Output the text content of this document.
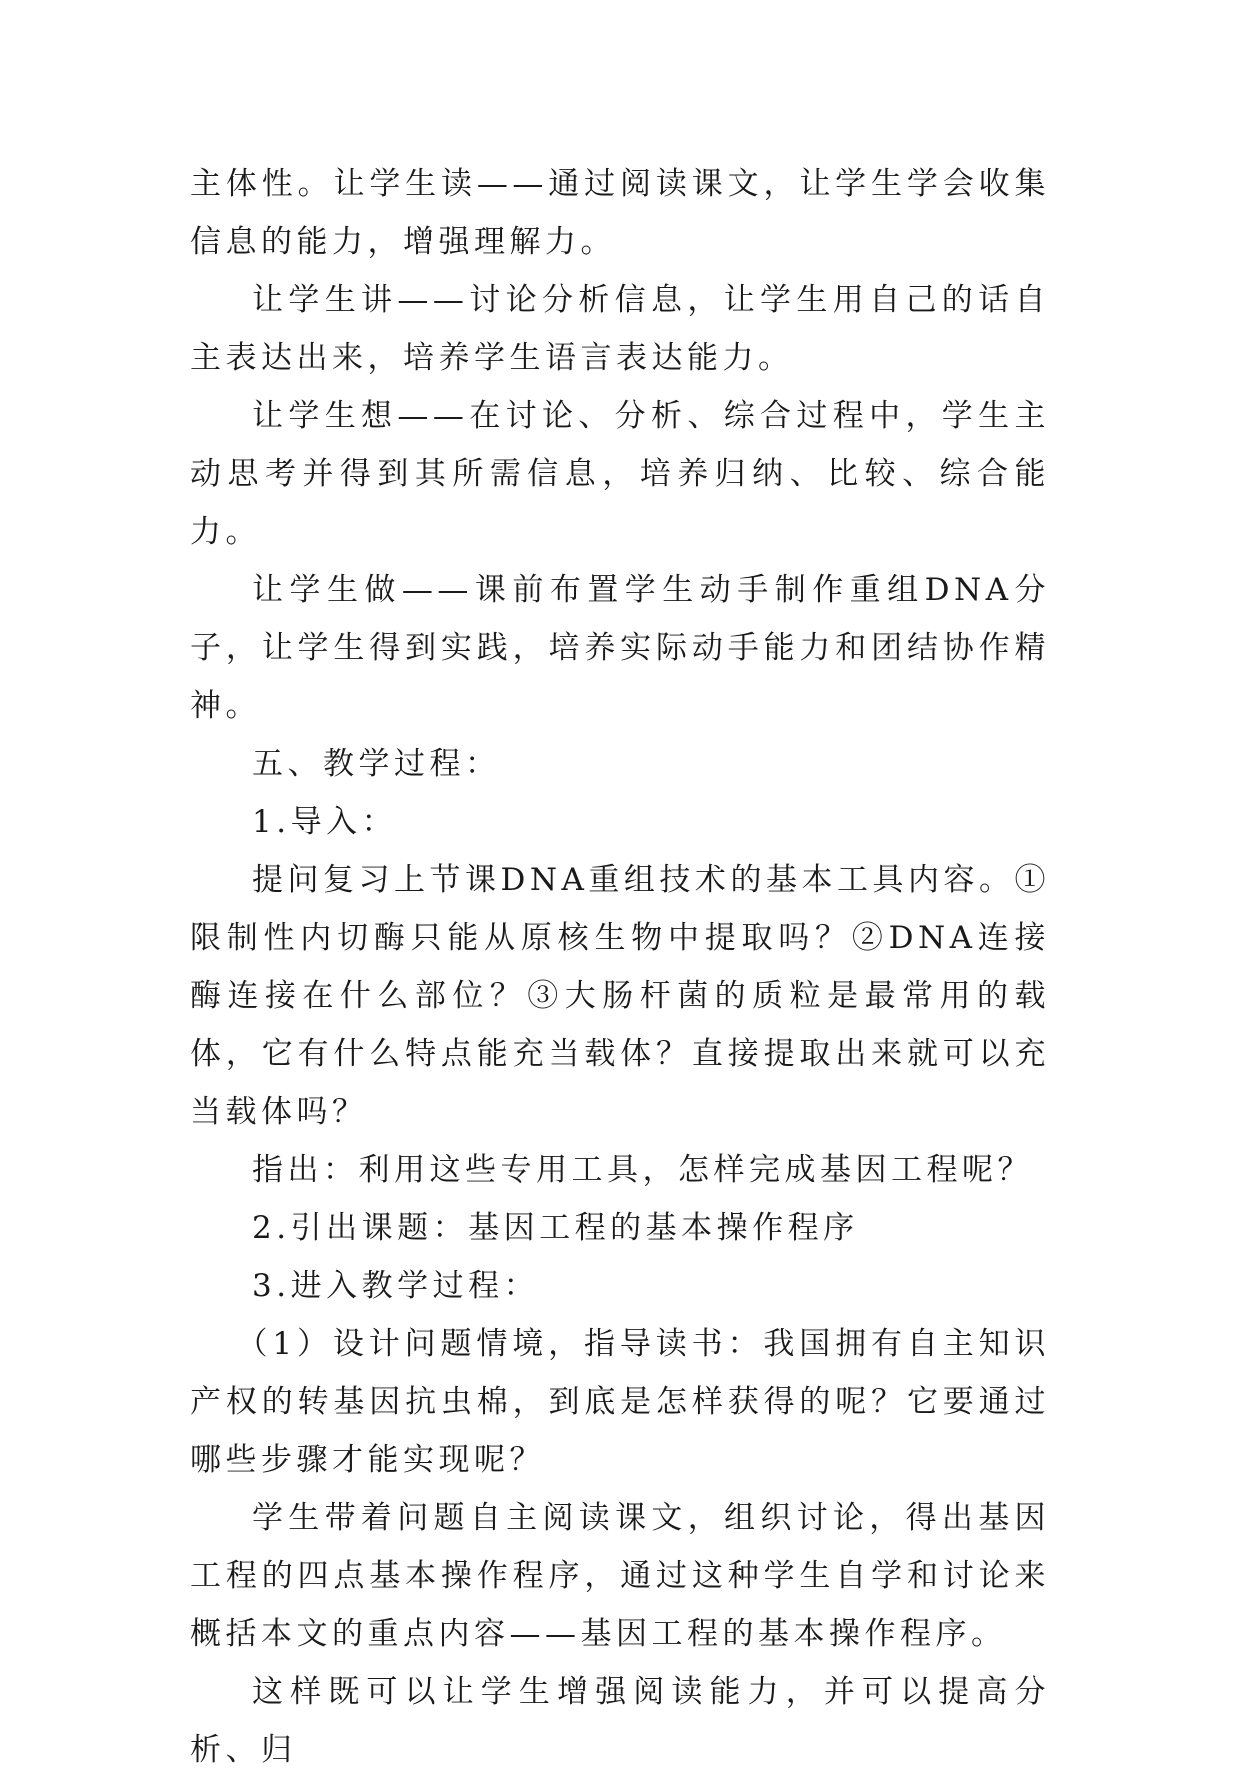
主体性。让学生读——通过阅读课文，让学生学会收集信息的能力，增强理解力。

让学生讲——讨论分析信息，让学生用自己的话自主表达出来，培养学生语言表达能力。

让学生想——在讨论、分析、综合过程中，学生主动思考并得到其所需信息，培养归纳、比较、综合能力。

让学生做——课前布置学生动手制作重组DNA分子，让学生得到实践，培养实际动手能力和团结协作精神。

五、教学过程：

1.导入：

提问复习上节课DNA重组技术的基本工具内容。①限制性内切酶只能从原核生物中提取吗？②DNA连接酶连接在什么部位？③大肠杆菌的质粒是最常用的载体，它有什么特点能充当载体？直接提取出来就可以充当载体吗？

指出：利用这些专用工具，怎样完成基因工程呢？

2.引出课题：基因工程的基本操作程序

3.进入教学过程：

（1）设计问题情境，指导读书：我国拥有自主知识产权的转基因抗虫棉，到底是怎样获得的呢？它要通过哪些步骤才能实现呢？

学生带着问题自主阅读课文，组织讨论，得出基因工程的四点基本操作程序，通过这种学生自学和讨论来概括本文的重点内容——基因工程的基本操作程序。

这样既可以让学生增强阅读能力，并可以提高分析、归
